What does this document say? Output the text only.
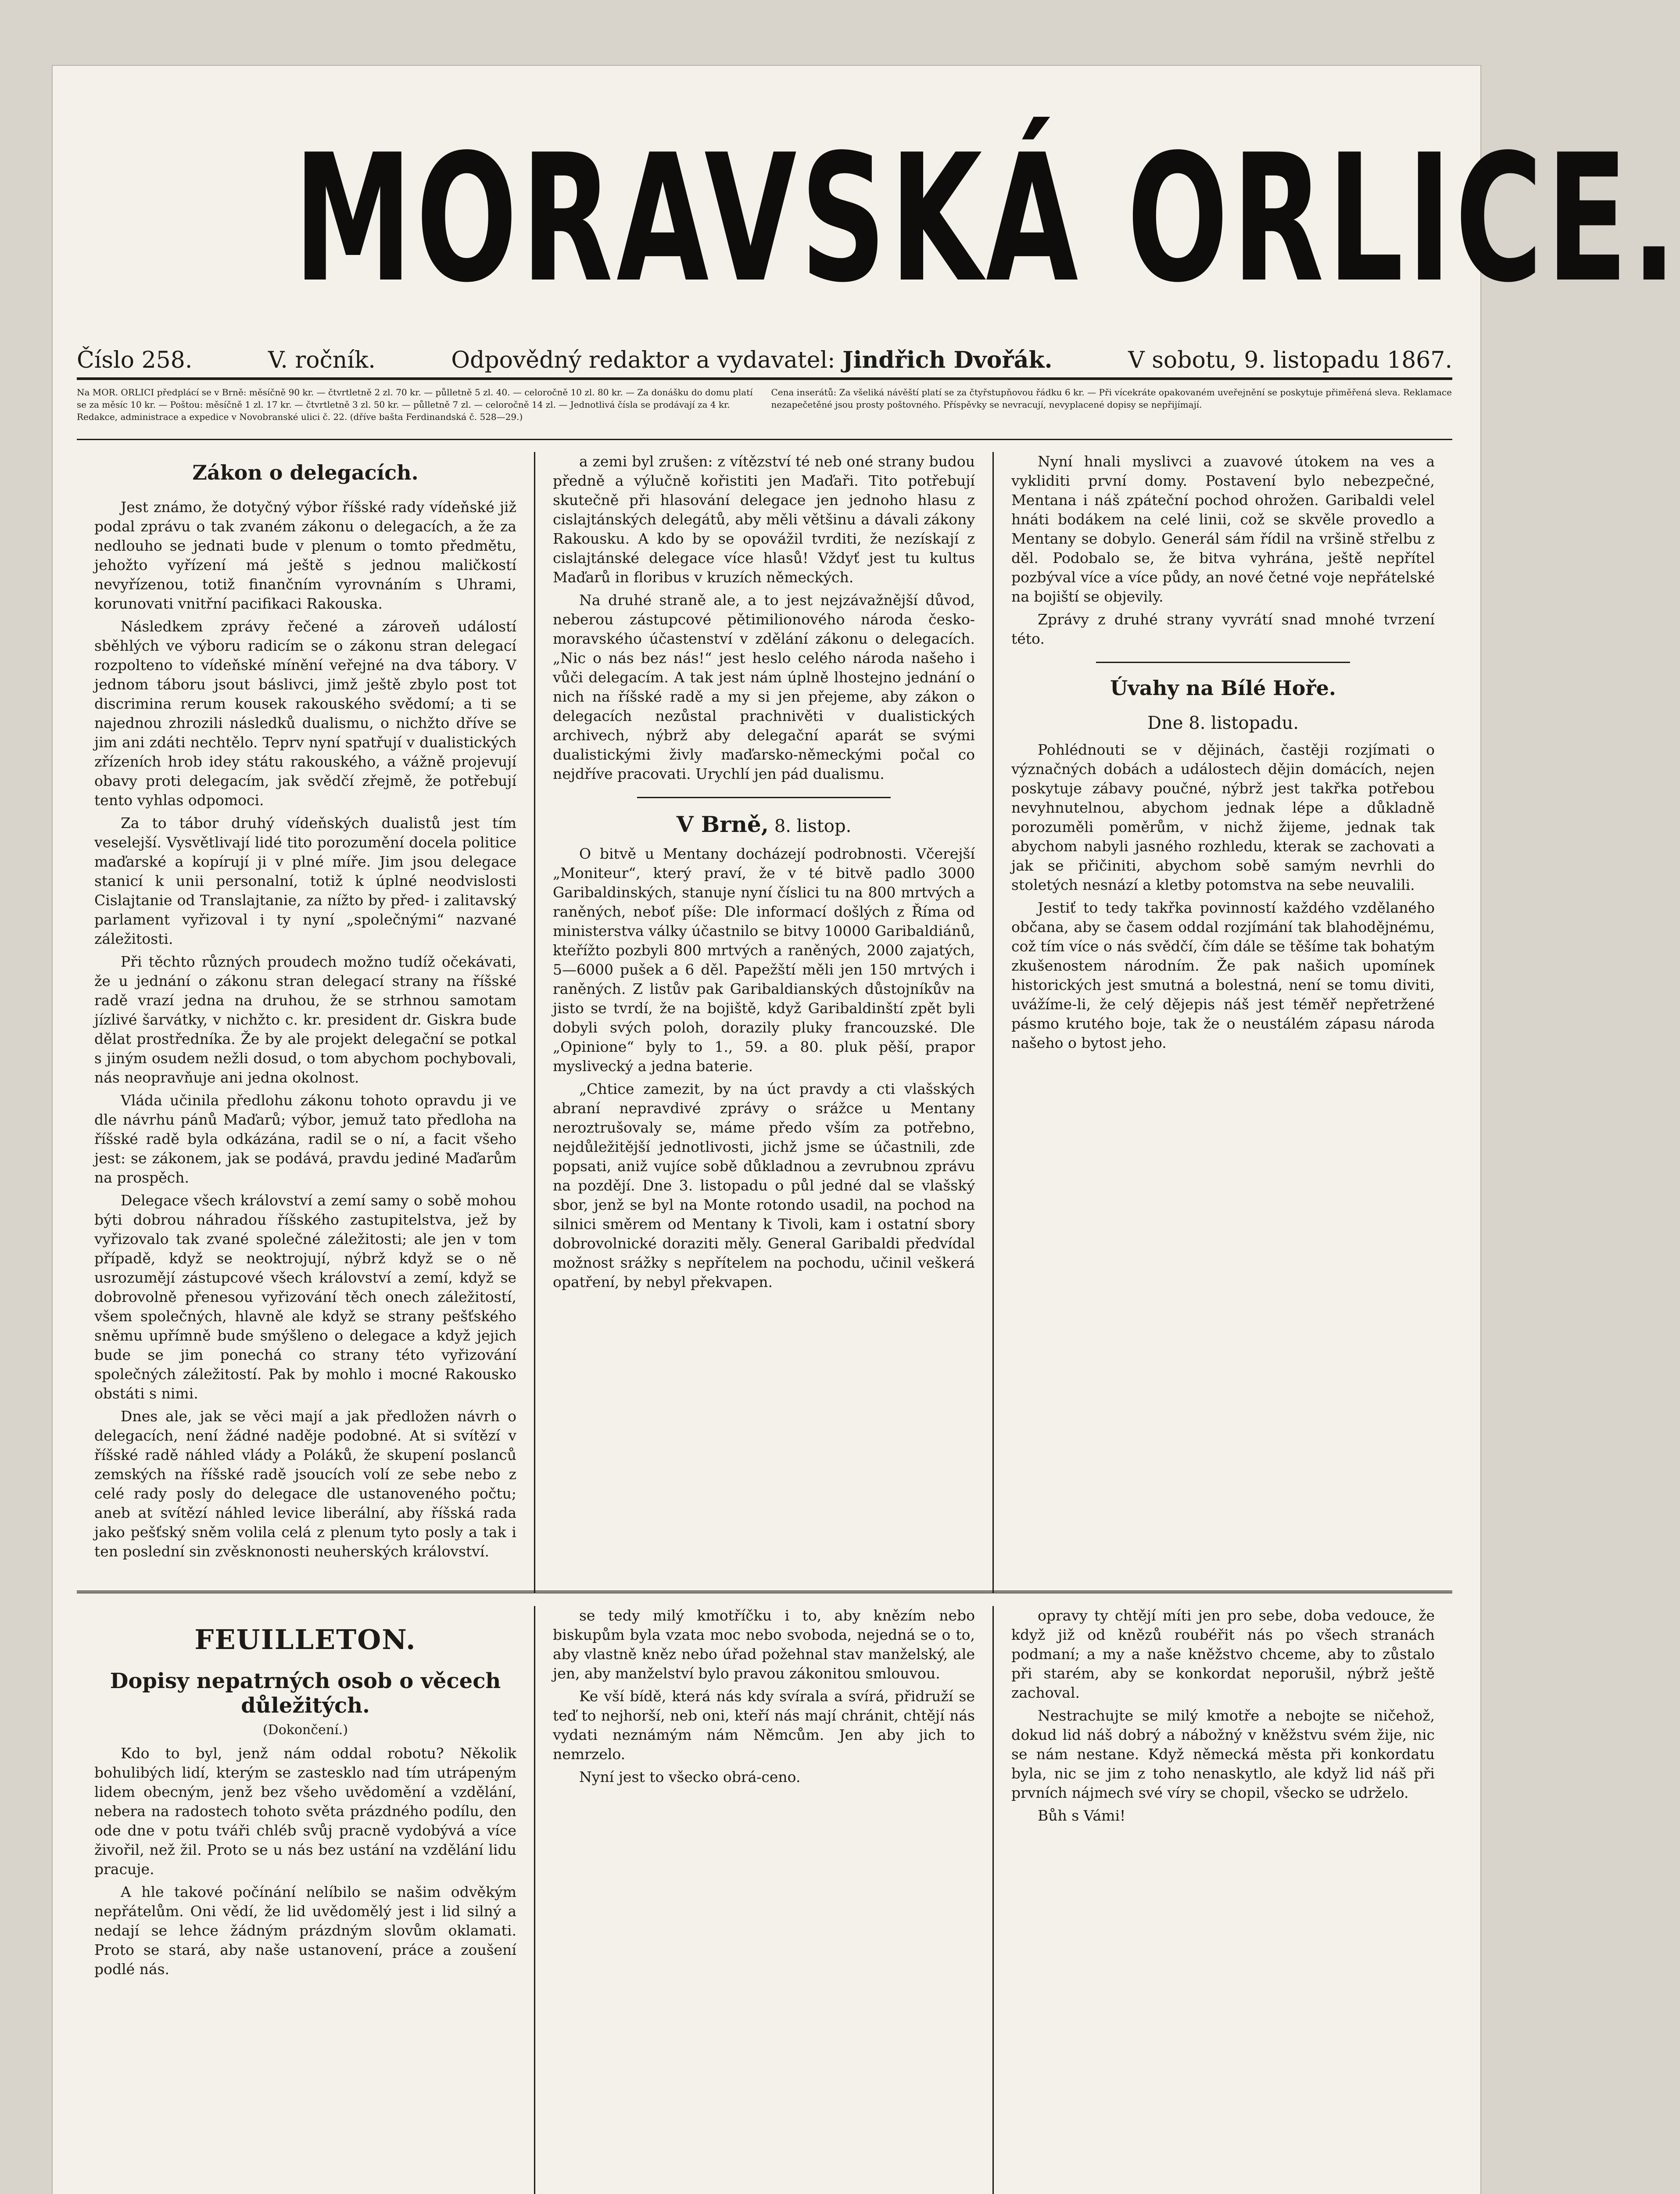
MORAVSKÁ ORLICE.
Číslo 258.	V. ročník.	Odpovědný redaktor a vydavatel: Jindřich Dvořák.	V sobotu, 9. listopadu 1867.
Na MOR. ORLICI předplácí se v Brně: měsíčně 90 kr. — čtvrtletně 2 zl. 70 kr. — půlletně 5 zl. 40. — celoročně 10 zl. 80 kr. — Za donášku do domu platí se za měsíc 10 kr. — Poštou: měsíčně 1 zl. 17 kr. — čtvrtletně 3 zl. 50 kr. — půlletně 7 zl. — celoročně 14 zl. — Jednotlivá čísla se prodávají za 4 kr. Redakce, administrace a expedice v Novobranské ulici č. 22. (dříve bašta Ferdinandská č. 528—29.)
Cena inserátů: Za všeliká návěští platí se za čtyřstupňovou řádku 6 kr. — Při vícekráte opakovaném uveřejnění se poskytuje přiměřená sleva. Reklamace nezapečetěné jsou prosty poštovného. Příspěvky se nevracují, nevyplacené dopisy se nepřijímají.
Zákon o delegacích.

Jest známo, že dotyčný výbor říšské rady vídeňské již podal zprávu o tak zvaném zákonu o delegacích, a že za nedlouho se jednati bude v plenum o tomto předmětu, jehožto vyřízení má ještě s jednou maličkostí nevyřízenou, totiž finančním vyrovnáním s Uhrami, korunovati vnitřní pacifikaci Rakouska.

Následkem zprávy řečené a zároveň událostí sběhlých ve výboru radicím se o zákonu stran delegací rozpolteno to vídeňské mínění veřejné na dva tábory. V jednom táboru jsout báslivci, jimž ještě zbylo post tot discrimina rerum kousek rakouského svědomí; a ti se najednou zhrozili následků dualismu, o nichžto dříve se jim ani zdáti nechtělo. Teprv nyní spatřují v dualistických zřízeních hrob idey státu rakouského, a vážně projevují obavy proti delegacím, jak svědčí zřejmě, že potřebují tento vyhlas odpomoci.

Za to tábor druhý vídeňských dualistů jest tím veselejší. Vysvětlivají lidé tito porozumění docela politice maďarské a kopírují ji v plné míře. Jim jsou delegace stanicí k unii personalní, totiž k úplné neodvislosti Cislajtanie od Translajtanie, za nížto by před- i zalitavský parlament vyřizoval i ty nyní „společnými“ nazvané záležitosti.

Při těchto různých proudech možno tudíž očekávati, že u jednání o zákonu stran delegací strany na říšské radě vrazí jedna na druhou, že se strhnou samotam jízlivé šarvátky, v nichžto c. kr. president dr. Giskra bude dělat prostředníka. Že by ale projekt delegační se potkal s jiným osudem nežli dosud, o tom abychom pochybovali, nás neopravňuje ani jedna okolnost.

Vláda učinila předlohu zákonu tohoto opravdu ji ve dle návrhu pánů Maďarů; výbor, jemuž tato předloha na říšské radě byla odkázána, radil se o ní, a facit všeho jest: se zákonem, jak se podává, pravdu jediné Maďarům na prospěch.

Delegace všech království a zemí samy o sobě mohou býti dobrou náhradou říšského zastupitelstva, jež by vyřizovalo tak zvané společné záležitosti; ale jen v tom případě, když se neoktrojují, nýbrž když se o ně usrozumějí zástupcové všech království a zemí, když se dobrovolně přenesou vyřizování těch onech záležitostí, všem společných, hlavně ale když se strany pešťského sněmu upřímně bude smýšleno o delegace a když jejich bude se jim ponechá co strany této vyřizování společných záležitostí. Pak by mohlo i mocné Rakousko obstáti s nimi.

Dnes ale, jak se věci mají a jak předložen návrh o delegacích, není žádné naděje podobné. At si svítězí v říšské radě náhled vlády a Poláků, že skupení poslanců zemských na říšské radě jsoucích volí ze sebe nebo z celé rady posly do delegace dle ustanoveného počtu; aneb at svítězí náhled levice liberální, aby říšská rada jako pešťský sněm volila celá z plenum tyto posly a tak i ten poslední sin zvěsknonosti neuherských království.

a zemi byl zrušen: z vítězství té neb oné strany budou předně a výlučně kořistiti jen Maďaři. Tito potřebují skutečně při hlasování delegace jen jednoho hlasu z cislajtánských delegátů, aby měli většinu a dávali zákony Rakousku. A kdo by se opovážil tvrditi, že nezískají z cislajtánské delegace více hlasů! Vždyť jest tu kultus Maďarů in floribus v kruzích německých.

Na druhé straně ale, a to jest nejzávažnější důvod, neberou zástupcové pětimilionového národa česko-moravského účastenství v zdělání zákonu o delegacích. „Nic o nás bez nás!“ jest heslo celého národa našeho i vůči delegacím. A tak jest nám úplně lhostejno jednání o nich na říšské radě a my si jen přejeme, aby zákon o delegacích nezůstal prachnivěti v dualistických archivech, nýbrž aby delegační aparát se svými dualistickými živly maďarsko-německými počal co nejdříve pracovati. Urychlí jen pád dualismu.

V Brně, 8. listop.

O bitvě u Mentany docházejí podrobnosti. Včerejší „Moniteur“, který praví, že v té bitvě padlo 3000 Garibaldinských, stanuje nyní číslici tu na 800 mrtvých a raněných, neboť píše: Dle informací došlých z Říma od ministerstva války účastnilo se bitvy 10000 Garibaldiánů, kteřížto pozbyli 800 mrtvých a raněných, 2000 zajatých, 5—6000 pušek a 6 děl. Papežští měli jen 150 mrtvých i raněných. Z listův pak Garibaldianských důstojníkův na jisto se tvrdí, že na bojiště, když Garibaldinští zpět byli dobyli svých poloh, dorazily pluky francouzské. Dle „Opinione“ byly to 1., 59. a 80. pluk pěší, prapor myslivecký a jedna baterie.

„Chtice zamezit, by na úct pravdy a cti vlašských abraní nepravdivé zprávy o srážce u Mentany neroztrušovaly se, máme předo vším za potřebno, nejdůležitější jednotlivosti, jichž jsme se účastnili, zde popsati, aniž vujíce sobě důkladnou a zevrubnou zprávu na pozdějí. Dne 3. listopadu o půl jedné dal se vlašský sbor, jenž se byl na Monte rotondo usadil, na pochod na silnici směrem od Mentany k Tivoli, kam i ostatní sbory dobrovolnické doraziti měly. General Garibaldi předvídal možnost srážky s nepřítelem na pochodu, učinil veškerá opatření, by nebyl překvapen.

Nyní hnali myslivci a zuavové útokem na ves a vykliditi první domy. Postavení bylo nebezpečné, Mentana i náš zpáteční pochod ohrožen. Garibaldi velel hnáti bodákem na celé linii, což se skvěle provedlo a Mentany se dobylo. Generál sám řídil na vršině střelbu z děl. Podobalo se, že bitva vyhrána, ještě nepřítel pozbýval více a více půdy, an nové četné voje nepřátelské na bojiští se objevily.

Zprávy z druhé strany vyvrátí snad mnohé tvrzení této.

Úvahy na Bílé Hoře.
Dne 8. listopadu.

Pohlédnouti se v dějinách, častěji rozjímati o význačných dobách a událostech dějin domácích, nejen poskytuje zábavy poučné, nýbrž jest takřka potřebou nevyhnutelnou, abychom jednak lépe a důkladně porozuměli poměrům, v nichž žijeme, jednak tak abychom nabyli jasného rozhledu, kterak se zachovati a jak se přičiniti, abychom sobě samým nevrhli do stoletých nesnází a kletby potomstva na sebe neuvalili.

Jestiť to tedy takřka povinností každého vzdělaného občana, aby se časem oddal rozjímání tak blahodějnému, což tím více o nás svědčí, čím dále se těšíme tak bohatým zkušenostem národním. Že pak našich upomínek historických jest smutná a bolestná, není se tomu diviti, uvážíme-li, že celý dějepis náš jest téměř nepřetržené pásmo krutého boje, tak že o neustálém zápasu národa našeho o bytost jeho.

FEUILLETON.
Dopisy nepatrných osob o věcech důležitých.
(Dokončení.)

Kdo to byl, jenž nám oddal robotu? Několik bohulibých lidí, kterým se zastesklo nad tím utrápeným lidem obecným, jenž bez všeho uvědomění a vzdělání, nebera na radostech tohoto světa prázdného podílu, den ode dne v potu tváři chléb svůj pracně vydobývá a více živořil, než žil. Proto se u nás bez ustání na vzdělání lidu pracuje.

A hle takové počínání nelíbilo se našim odvěkým nepřátelům. Oni vědí, že lid uvědomělý jest i lid silný a nedají se lehce žádným prázdným slovům oklamati. Proto se stará, aby naše ustanovení, práce a zoušení podlé nás.

se tedy milý kmotříčku i to, aby knězím nebo biskupům byla vzata moc nebo svoboda, nejedná se o to, aby vlastně kněz nebo úřad požehnal stav manželský, ale jen, aby manželství bylo pravou zákonitou smlouvou.

Ke vší bídě, která nás kdy svírala a svírá, přidruží se teď to nejhorší, neb oni, kteří nás mají chránit, chtějí nás vydati neznámým nám Němcům. Jen aby jich to nemrzelo.

Nyní jest to všecko obrá-ceno.

opravy ty chtějí míti jen pro sebe, doba vedouce, že když již od knězů roubéřit nás po všech stranách podmaní; a my a naše kněžstvo chceme, aby to zůstalo při starém, aby se konkordat neporušil, nýbrž ještě zachoval.

Nestrachujte se milý kmotře a nebojte se ničehož, dokud lid náš dobrý a nábožný v kněžstvu svém žije, nic se nám nestane. Když německá města při konkordatu byla, nic se jim z toho nenaskytlo, ale když lid náš při prvních nájmech své víry se chopil, všecko se udrželo.

Bůh s Vámi!
